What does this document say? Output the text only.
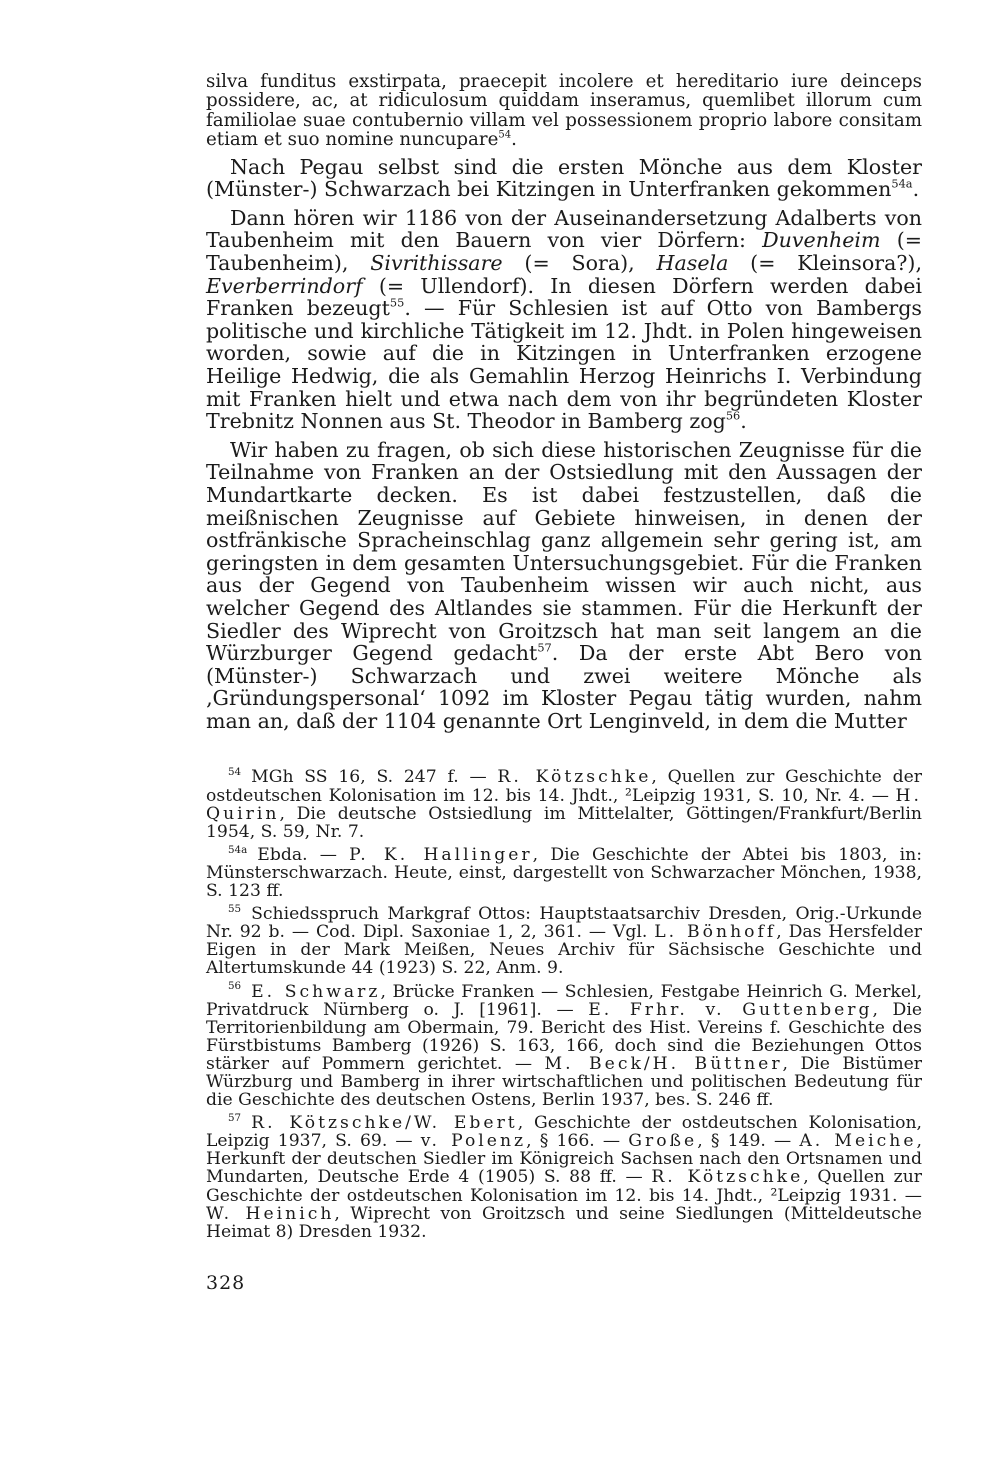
silva funditus exstirpata, praecepit incolere et hereditario iure deinceps possidere, ac, at ridiculosum quiddam inseramus, quemlibet illorum cum familiolae suae contubernio villam vel possessionem proprio labore consitam etiam et suo nomine nuncupare$^{54}$.

Nach Pegau selbst sind die ersten Mönche aus dem Kloster (Münster-) Schwarzach bei Kitzingen in Unterfranken gekommen$^{54a}$.

Dann hören wir 1186 von der Auseinandersetzung Adalberts von Taubenheim mit den Bauern von vier Dörfern: Duvenheim (= Taubenheim), Sivrithissare (= Sora), Hasela (= Kleinsora?), Everberrindorf (= Ullendorf). In diesen Dörfern werden dabei Franken bezeugt$^{55}$. — Für Schlesien ist auf Otto von Bambergs politische und kirchliche Tätigkeit im 12. Jhdt. in Polen hingeweisen worden, sowie auf die in Kitzingen in Unterfranken erzogene Heilige Hedwig, die als Gemahlin Herzog Heinrichs I. Verbindung mit Franken hielt und etwa nach dem von ihr begründeten Kloster Trebnitz Nonnen aus St. Theodor in Bamberg zog$^{56}$.

Wir haben zu fragen, ob sich diese historischen Zeugnisse für die Teilnahme von Franken an der Ostsiedlung mit den Aussagen der Mundartkarte decken. Es ist dabei festzustellen, daß die meißnischen Zeugnisse auf Gebiete hinweisen, in denen der ostfränkische Spracheinschlag ganz allgemein sehr gering ist, am geringsten in dem gesamten Untersuchungsgebiet. Für die Franken aus der Gegend von Taubenheim wissen wir auch nicht, aus welcher Gegend des Altlandes sie stammen. Für die Herkunft der Siedler des Wiprecht von Groitzsch hat man seit langem an die Würzburger Gegend gedacht$^{57}$. Da der erste Abt Bero von (Münster-) Schwarzach und zwei weitere Mönche als ‚Gründungspersonal‘ 1092 im Kloster Pegau tätig wurden, nahm man an, daß der 1104 genannte Ort Lenginveld, in dem die Mutter

$^{54}$ MGh SS 16, S. 247 f. — R. Kötzschke, Quellen zur Geschichte der ostdeutschen Kolonisation im 12. bis 14. Jhdt., ²Leipzig 1931, S. 10, Nr. 4. — H. Quirin, Die deutsche Ostsiedlung im Mittelalter, Göttingen/Frankfurt/Berlin 1954, S. 59, Nr. 7.

$^{54a}$ Ebda. — P. K. Hallinger, Die Geschichte der Abtei bis 1803, in: Münsterschwarzach. Heute, einst, dargestellt von Schwarzacher Mönchen, 1938, S. 123 ff.

$^{55}$ Schiedsspruch Markgraf Ottos: Hauptstaatsarchiv Dresden, Orig.-Urkunde Nr. 92 b. — Cod. Dipl. Saxoniae 1, 2, 361. — Vgl. L. Bönhoff, Das Hersfelder Eigen in der Mark Meißen, Neues Archiv für Sächsische Geschichte und Altertumskunde 44 (1923) S. 22, Anm. 9.

$^{56}$ E. Schwarz, Brücke Franken — Schlesien, Festgabe Heinrich G. Merkel, Privatdruck Nürnberg o. J. [1961]. — E. Frhr. v. Guttenberg, Die Territorienbildung am Obermain, 79. Bericht des Hist. Vereins f. Geschichte des Fürstbistums Bamberg (1926) S. 163, 166, doch sind die Beziehungen Ottos stärker auf Pommern gerichtet. — M. Beck/H. Büttner, Die Bistümer Würzburg und Bamberg in ihrer wirtschaftlichen und politischen Bedeutung für die Geschichte des deutschen Ostens, Berlin 1937, bes. S. 246 ff.

$^{57}$ R. Kötzschke/W. Ebert, Geschichte der ostdeutschen Kolonisation, Leipzig 1937, S. 69. — v. Polenz, § 166. — Große, § 149. — A. Meiche, Herkunft der deutschen Siedler im Königreich Sachsen nach den Ortsnamen und Mundarten, Deutsche Erde 4 (1905) S. 88 ff. — R. Kötzschke, Quellen zur Geschichte der ostdeutschen Kolonisation im 12. bis 14. Jhdt., ²Leipzig 1931. — W. Heinich, Wiprecht von Groitzsch und seine Siedlungen (Mitteldeutsche Heimat 8) Dresden 1932.

328
